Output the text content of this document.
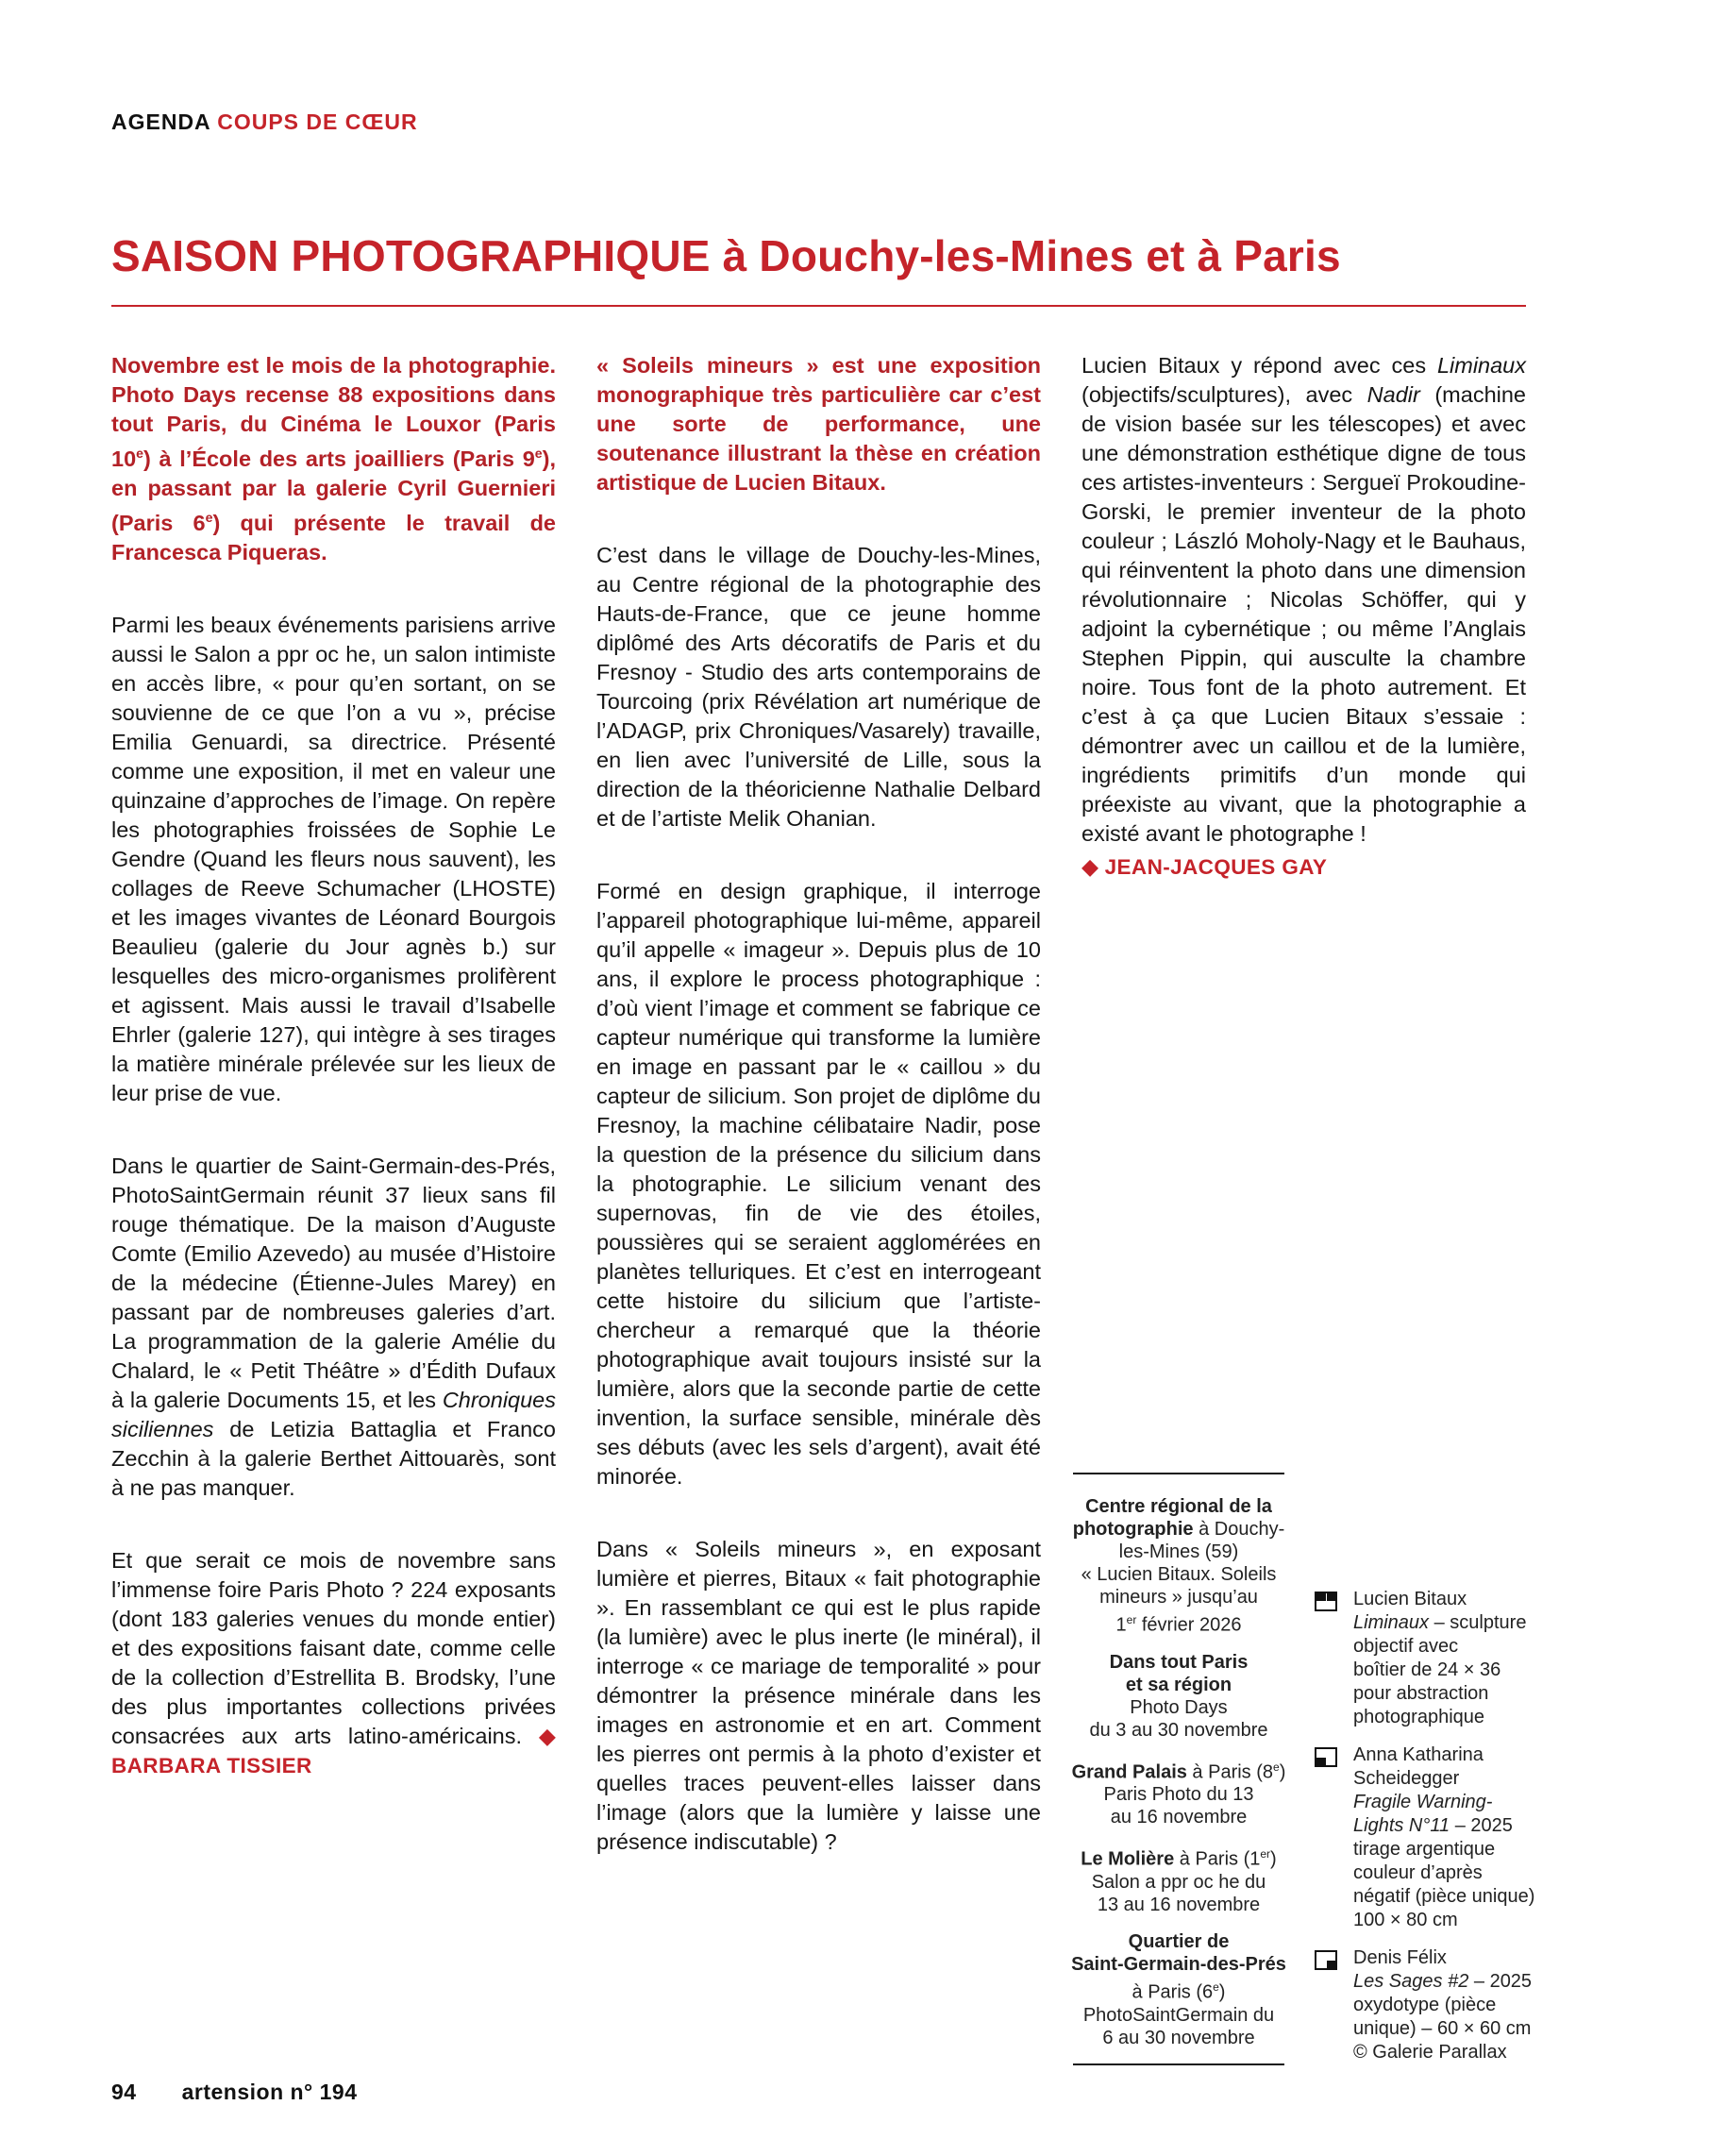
AGENDA COUPS DE CŒUR
SAISON PHOTOGRAPHIQUE à Douchy-les-Mines et à Paris

Novembre est le mois de la photographie. Photo Days recense 88 expositions dans tout Paris, du Cinéma le Louxor (Paris 10e) à l’École des arts joailliers (Paris 9e), en passant par la galerie Cyril Guernieri (Paris 6e) qui présente le travail de Francesca Piqueras.

Parmi les beaux événements parisiens arrive aussi le Salon a ppr oc he, un salon intimiste en accès libre, « pour qu’en sortant, on se souvienne de ce que l’on a vu », précise Emilia Genuardi, sa directrice. Présenté comme une exposition, il met en valeur une quinzaine d’approches de l’image. On repère les photographies froissées de Sophie Le Gendre (Quand les fleurs nous sauvent), les collages de Reeve Schumacher (LHOSTE) et les images vivantes de Léonard Bourgois Beaulieu (galerie du Jour agnès b.) sur lesquelles des micro-organismes prolifèrent et agissent. Mais aussi le travail d’Isabelle Ehrler (galerie 127), qui intègre à ses tirages la matière minérale prélevée sur les lieux de leur prise de vue.

Dans le quartier de Saint-Germain-des-Prés, PhotoSaintGermain réunit 37 lieux sans fil rouge thématique. De la maison d’Auguste Comte (Emilio Azevedo) au musée d’Histoire de la médecine (Étienne-Jules Marey) en passant par de nombreuses galeries d’art. La programmation de la galerie Amélie du Chalard, le « Petit Théâtre » d’Édith Dufaux à la galerie Documents 15, et les Chroniques siciliennes de Letizia Battaglia et Franco Zecchin à la galerie Berthet Aittouarès, sont à ne pas manquer.

Et que serait ce mois de novembre sans l’immense foire Paris Photo ? 224 exposants (dont 183 galeries venues du monde entier) et des expositions faisant date, comme celle de la collection d’Estrellita B. Brodsky, l’une des plus importantes collections privées consacrées aux arts latino-américains. ◆ BARBARA TISSIER

« Soleils mineurs » est une exposition monographique très particulière car c’est une sorte de performance, une soutenance illustrant la thèse en création artistique de Lucien Bitaux.

C’est dans le village de Douchy-les-Mines, au Centre régional de la photographie des Hauts-de-France, que ce jeune homme diplômé des Arts décoratifs de Paris et du Fresnoy - Studio des arts contemporains de Tourcoing (prix Révélation art numérique de l’ADAGP, prix Chroniques/Vasarely) travaille, en lien avec l’université de Lille, sous la direction de la théoricienne Nathalie Delbard et de l’artiste Melik Ohanian.

Formé en design graphique, il interroge l’appareil photographique lui-même, appareil qu’il appelle « imageur ». Depuis plus de 10 ans, il explore le process photographique : d’où vient l’image et comment se fabrique ce capteur numérique qui transforme la lumière en image en passant par le « caillou » du capteur de silicium. Son projet de diplôme du Fresnoy, la machine célibataire Nadir, pose la question de la présence du silicium dans la photographie. Le silicium venant des supernovas, fin de vie des étoiles, poussières qui se seraient agglomérées en planètes telluriques. Et c’est en interrogeant cette histoire du silicium que l’artiste-chercheur a remarqué que la théorie photographique avait toujours insisté sur la lumière, alors que la seconde partie de cette invention, la surface sensible, minérale dès ses débuts (avec les sels d’argent), avait été minorée.

Dans « Soleils mineurs », en exposant lumière et pierres, Bitaux « fait photographie ». En rassemblant ce qui est le plus rapide (la lumière) avec le plus inerte (le minéral), il interroge « ce mariage de temporalité » pour démontrer la présence minérale dans les images en astronomie et en art. Comment les pierres ont permis à la photo d’exister et quelles traces peuvent-elles laisser dans l’image (alors que la lumière y laisse une présence indiscutable) ?

Lucien Bitaux y répond avec ces Liminaux (objectifs/sculptures), avec Nadir (machine de vision basée sur les télescopes) et avec une démonstration esthétique digne de tous ces artistes-inventeurs : Sergueï Prokoudine-Gorski, le premier inventeur de la photo couleur ; László Moholy-Nagy et le Bauhaus, qui réinventent la photo dans une dimension révolutionnaire ; Nicolas Schöffer, qui y adjoint la cybernétique ; ou même l’Anglais Stephen Pippin, qui ausculte la chambre noire. Tous font de la photo autrement. Et c’est à ça que Lucien Bitaux s’essaie : démontrer avec un caillou et de la lumière, ingrédients primitifs d’un monde qui préexiste au vivant, que la photographie a existé avant le photographe !

◆ JEAN-JACQUES GAY

Centre régional de la
photographie à Douchy-
les-Mines (59)
« Lucien Bitaux. Soleils
mineurs » jusqu’au
1er février 2026
Dans tout Paris
et sa région
Photo Days
du 3 au 30 novembre
Grand Palais à Paris (8e)
Paris Photo du 13
au 16 novembre
Le Molière à Paris (1er)
Salon a ppr oc he du
13 au 16 novembre
Quartier de
Saint-Germain-des-Prés
à Paris (6e)
PhotoSaintGermain du
6 au 30 novembre
Lucien Bitaux
Liminaux – sculpture
objectif avec
boîtier de 24 × 36
pour abstraction
photographique
Anna Katharina
Scheidegger
Fragile Warning-
Lights N°11 – 2025
tirage argentique
couleur d’après
négatif (pièce unique)
100 × 80 cm
Denis Félix
Les Sages #2 – 2025
oxydotype (pièce
unique) – 60 × 60 cm
© Galerie Parallax
94 artension n° 194
